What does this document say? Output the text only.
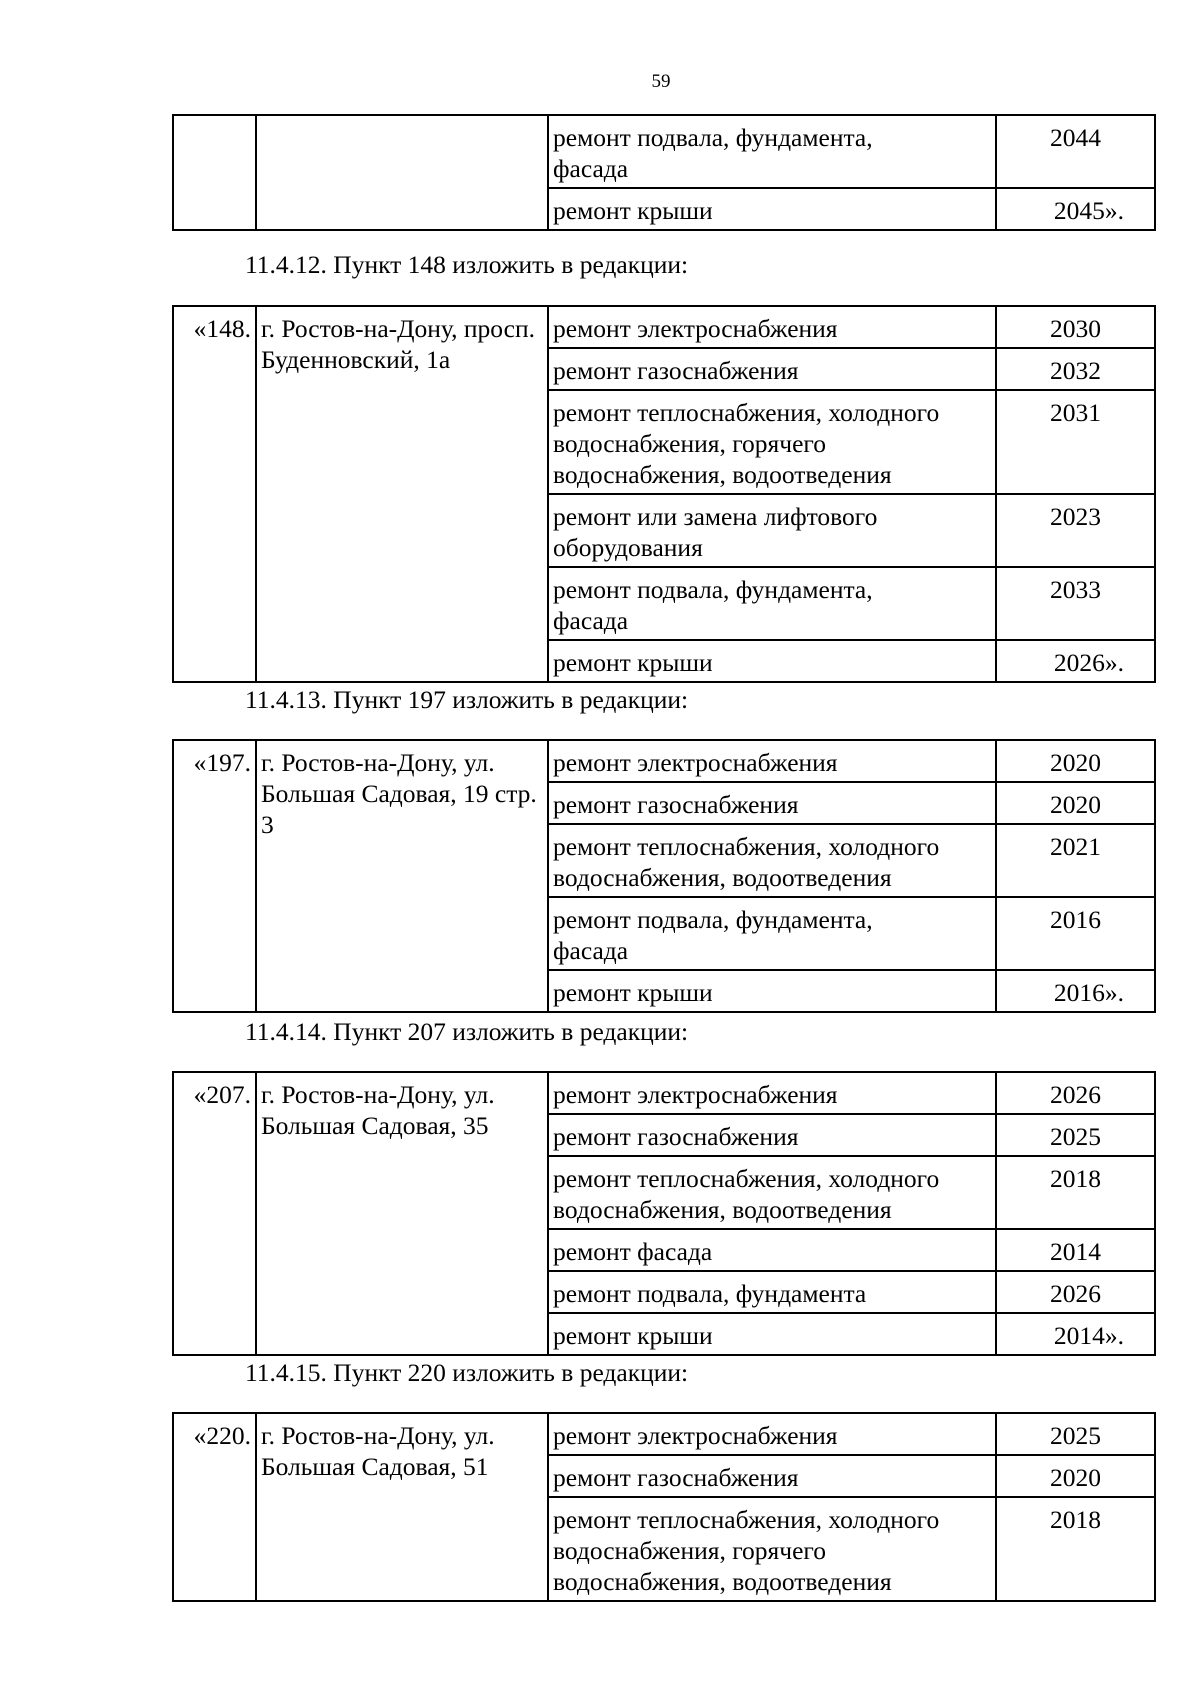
59
		ремонт подвала, фундамента,
фасада	2044
		ремонт крыши	2045».
11.4.12. Пункт 148 изложить в редакции:
«148.	г. Ростов-на-Дону, просп. Буденновский, 1а	ремонт электроснабжения	2030
		ремонт газоснабжения	2032
		ремонт теплоснабжения, холодного
водоснабжения, горячего
водоснабжения, водоотведения	2031
		ремонт или замена лифтового
оборудования	2023
		ремонт подвала, фундамента,
фасада	2033
		ремонт крыши	2026».
11.4.13. Пункт 197 изложить в редакции:
«197.	г. Ростов-на-Дону, ул. Большая Садовая, 19 стр. 3	ремонт электроснабжения	2020
		ремонт газоснабжения	2020
		ремонт теплоснабжения, холодного
водоснабжения, водоотведения	2021
		ремонт подвала, фундамента,
фасада	2016
		ремонт крыши	2016».
11.4.14. Пункт 207 изложить в редакции:
«207.	г. Ростов-на-Дону, ул. Большая Садовая, 35	ремонт электроснабжения	2026
		ремонт газоснабжения	2025
		ремонт теплоснабжения, холодного
водоснабжения, водоотведения	2018
		ремонт фасада	2014
		ремонт подвала, фундамента	2026
		ремонт крыши	2014».
11.4.15. Пункт 220 изложить в редакции:
«220.	г. Ростов-на-Дону, ул. Большая Садовая, 51	ремонт электроснабжения	2025
		ремонт газоснабжения	2020
		ремонт теплоснабжения, холодного
водоснабжения, горячего
водоснабжения, водоотведения	2018
